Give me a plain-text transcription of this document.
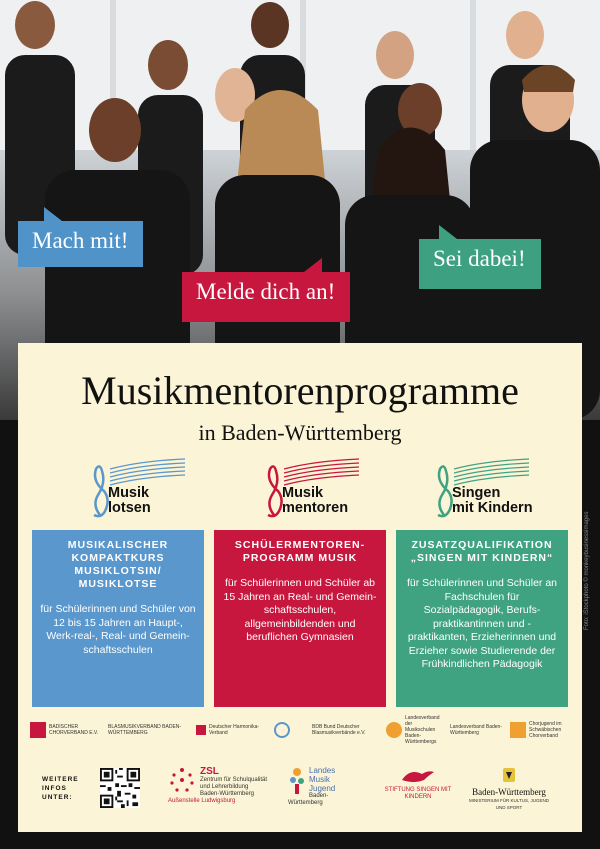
Mach mit!
Melde dich an!
Sei dabei!
Musikmentorenprogramme
in Baden-Württemberg
Musik
lotsen
Musik
mentoren
Singen
mit Kindern
MUSIKALISCHER KOMPAKTKURS MUSIKLOTSIN/ MUSIKLOTSE
für Schülerinnen und Schüler von 12 bis 15 Jahren an Haupt-, Werk-real-, Real- und Gemein-schaftsschulen
SCHÜLERMENTOREN-PROGRAMM MUSIK
für Schülerinnen und Schüler ab 15 Jahren an Real- und Gemein-schaftsschulen, allgemeinbildenden und beruflichen Gymnasien
ZUSATZQUALIFIKATION „SINGEN MIT KINDERN“
für Schülerinnen und Schüler an Fachschulen für Sozialpädagogik, Berufs-praktikantinnen und -praktikanten, Erzieherinnen und Erzieher sowie Studierende der Frühkindlichen Pädagogik
BADISCHER CHORVERBAND E.V.
BLASMUSIKVERBAND BADEN-WÜRTTEMBERG
Deutscher Harmonika-Verband
BDB Bund Deutscher Blasmusikverbände e.V.
Landesverband der Musikschulen Baden-Württembergs
Landesverband Baden-Württemberg
Chorjugend im Schwäbischen Chorverband
WEITERE INFOS UNTER:
ZSL
Zentrum für Schulqualität und Lehrerbildung Baden-Württemberg
Außenstelle Ludwigsburg
Landes Musik Jugend
Baden-Württemberg
STIFTUNG SINGEN MIT KINDERN	Baden-Württemberg
MINISTERIUM FÜR KULTUS, JUGEND UND SPORT
Foto: iStockphoto © monkeybusinessimages
